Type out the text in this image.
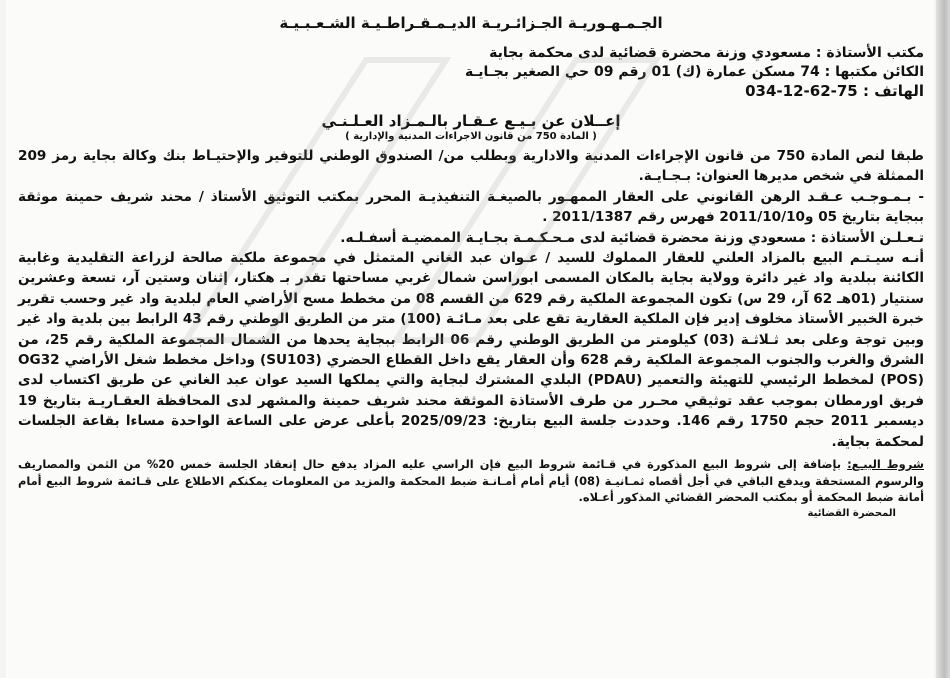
الجـمـهـوريـة الجـزائـريـة الديـمـقـراطـيـة الشـعـبـيـة

مكتب الأستاذة : مسعودي وزنة محضرة قضائية لدى محكمة بجاية

الكائن مكتبها : 74 مسكن عمارة (ك) 01 رقم 09 حي الصغير بجـايـة

الهاتف : 75-62-12-034

إعــلان عن بـيـع عـقـار بالـمـزاد العـلـنـي

( المادة 750 من قانون الاجراءات المدنية والإدارية )

طبقا لنص المادة 750 من قانون الإجراءات المدنية والادارية وبطلب من/ الصندوق الوطني للتوفير والإحتيـاط بنك وكالة بجاية رمز 209 الممثلة في شخص مديرها العنوان: بـجـايـة.

- بـمـوجـب عـقـد الرهن القانوني على العقار الممهـور بالصيغـة التنفيذيـة المحرر بمكتب التوثيق الأستاذ / محند شريف حمينة موثقة ببجاية بتاريخ 05 و2011/10/10 فهرس رقم 2011/1387 .

تـعـلـن الأستاذة : مسعودي وزنة محضرة قضائية لدى مـحـكـمـة بجـايـة الممضيـة أسفـلـه.

أنـه سيـتـم البيع بالمزاد العلني للعقار المملوك للسيد / عـوان عبد الغاني المتمثل في مجموعة ملكية صالحة لزراعة التقليدية وغابية الكائنة ببلدية واد غير دائرة وولاية بجاية بالمكان المسمى ابوراسن شمال غربي مساحتها تقدر بـ هكتار، إثنان وستين آر، تسعة وعشرين سنتيار (01هـ 62 آر، 29 س) تكون المجموعة الملكية رقم 629 من القسم 08 من مخطط مسح الأراضي العام لبلدية واد غير وحسب تقرير خبرة الخبير الأستاذ مخلوف إدير فإن الملكية العقارية تقع على بعد مـائـة (100) متر من الطريق الوطني رقم 43 الرابط بين بلدية واد غير وبين توجة وعلى بعد ثـلاثـة (03) كيلومتر من الطريق الوطني رقم 06 الرابط ببجاية يحدها من الشمال المجموعة الملكية رقم 25، من الشرق والغرب والجنوب المجموعة الملكية رقم 628 وأن العقار يقع داخل القطاع الحضري (SU103) وداخل مخطط شغل الأراضي OG32 (POS) لمخطط الرئيسي للتهيئة والتعمير (PDAU) البلدي المشترك لبجاية والتي يملكها السيد عوان عبد الغاني عن طريق اكتساب لدى فريق اورمطان بموجب عقد توثيقي محـرر من طرف الأستاذة الموثقة محند شريف حمينة والمشهر لدى المحافظة العقـاريـة بتاريخ 19 ديسمبر 2011 حجم 1750 رقم 146. وحددت جلسة البيع بتاريخ: 2025/09/23 بأعلى عرض على الساعة الواحدة مساءا بقاعة الجلسات لمحكمة بجاية.

شروط البيـع: بإضافة إلى شروط البيع المذكورة في قـائمة شروط البيع فإن الراسي عليه المزاد يدفع حال إنعقاد الجلسة خمس 20% من الثمن والمصاريف والرسوم المستحقة ويدفع الباقي في أجل أقصاه ثمـانيـة (08) أيام أمام أمـانـة ضبط المحكمة والمزيد من المعلومات يمكنكم الاطلاع على قـائمة شروط البيع أمام أمانة ضبط المحكمة أو بمكتب المحضر القضائي المذكور أعـلاه.
المحضرة القضائية
